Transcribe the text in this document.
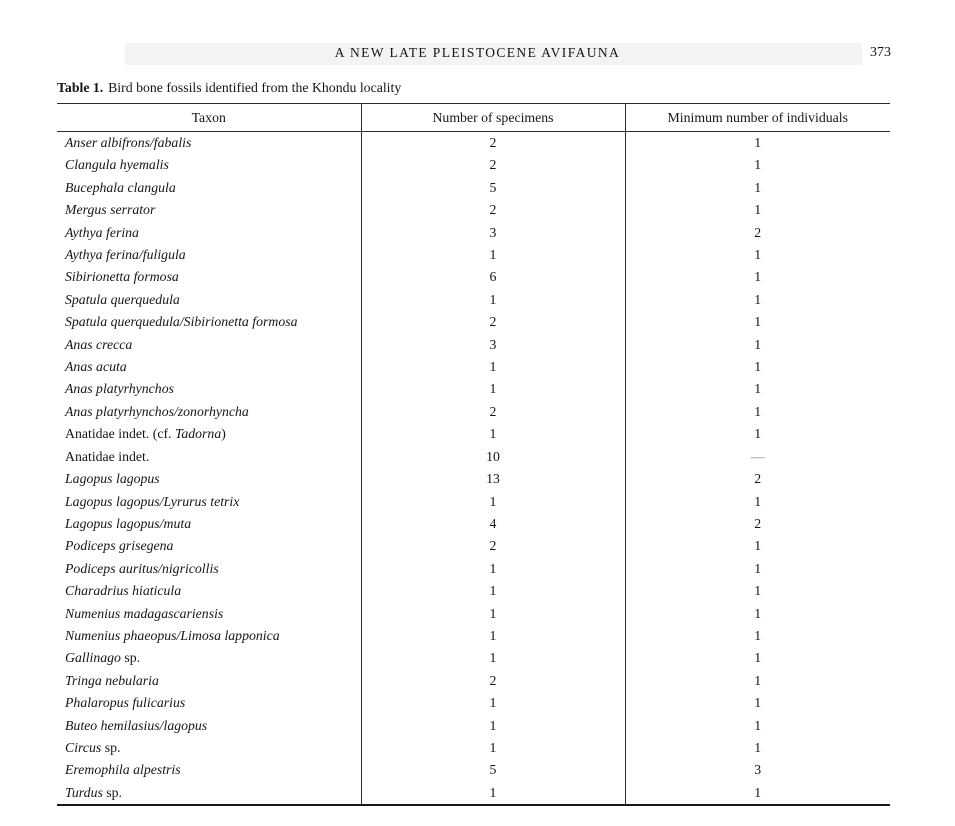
A NEW LATE PLEISTOCENE AVIFAUNA	373
Table 1. Bird bone fossils identified from the Khondu locality
Taxon	Number of specimens	Minimum number of individuals
Anser albifrons/fabalis	2	1
Clangula hyemalis	2	1
Bucephala clangula	5	1
Mergus serrator	2	1
Aythya ferina	3	2
Aythya ferina/fuligula	1	1
Sibirionetta formosa	6	1
Spatula querquedula	1	1
Spatula querquedula/Sibirionetta formosa	2	1
Anas crecca	3	1
Anas acuta	1	1
Anas platyrhynchos	1	1
Anas platyrhynchos/zonorhyncha	2	1
Anatidae indet. (cf. Tadorna)	1	1
Anatidae indet.	10	—
Lagopus lagopus	13	2
Lagopus lagopus/Lyrurus tetrix	1	1
Lagopus lagopus/muta	4	2
Podiceps grisegena	2	1
Podiceps auritus/nigricollis	1	1
Charadrius hiaticula	1	1
Numenius madagascariensis	1	1
Numenius phaeopus/Limosa lapponica	1	1
Gallinago sp.	1	1
Tringa nebularia	2	1
Phalaropus fulicarius	1	1
Buteo hemilasius/lagopus	1	1
Circus sp.	1	1
Eremophila alpestris	5	3
Turdus sp.	1	1
